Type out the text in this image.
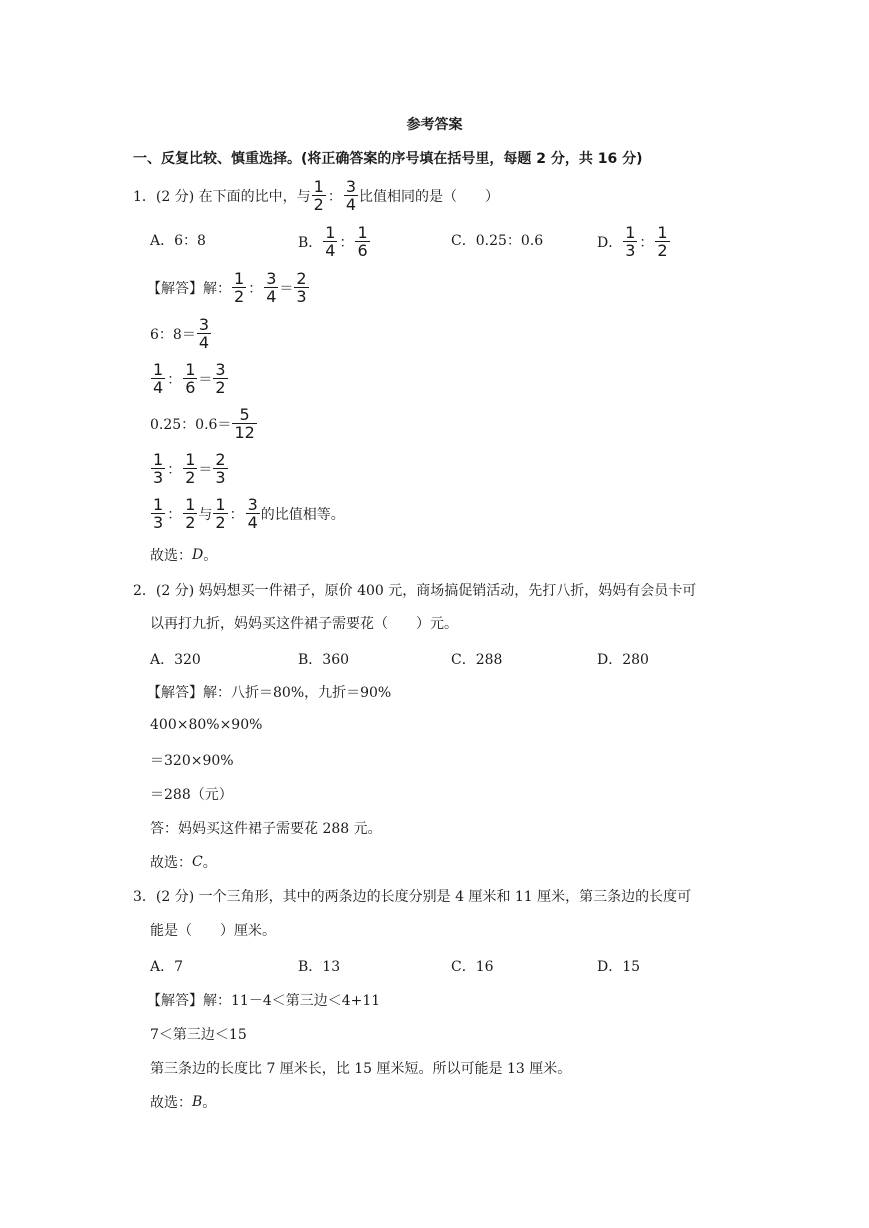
参考答案
一、反复比较、慎重选择。(将正确答案的序号填在括号里，每题 2 分，共 16 分)
1．(2 分) 在下面的比中，与 $\frac{1}{2}$ ： $\frac{3}{4}$ 比值相同的是（　　）
A．6：8	B． $\frac{1}{4}$ ： $\frac{1}{6}$	C．0.25：0.6	D． $\frac{1}{3}$ ： $\frac{1}{2}$
【解答】解： $\frac{1}{2}$ ： $\frac{3}{4} = \frac{2}{3}$
6：$8= \frac{3}{4}$
$\frac{1}{4}$ ： $\frac{1}{6} = \frac{3}{2}$
0.25：$0.6= \frac{5}{12}$
$\frac{1}{3}$ ： $\frac{1}{2} = \frac{2}{3}$
$\frac{1}{3}$ ： $\frac{1}{2}$ 与 $\frac{1}{2}$ ： $\frac{3}{4}$ 的比值相等。
故选： D 。
2．(2 分) 妈妈想买一件裙子，原价 400 元，商场搞促销活动，先打八折，妈妈有会员卡可
以再打九折，妈妈买这件裙子需要花（　　）元。
A．320	B．360	C．288	D．280
【解答】解：八折＝80%，九折＝90%
400×80%×90%
＝320×90%
＝288（元）
答：妈妈买这件裙子需要花 288 元。
故选： C 。
3．(2 分) 一个三角形，其中的两条边的长度分别是 4 厘米和 11 厘米，第三条边的长度可
能是（　　）厘米。
A．7	B．13	C．16	D．15
【解答】解：11－4＜第三边＜4+11
7＜第三边＜15
第三条边的长度比 7 厘米长，比 15 厘米短。所以可能是 13 厘米。
故选： B 。
